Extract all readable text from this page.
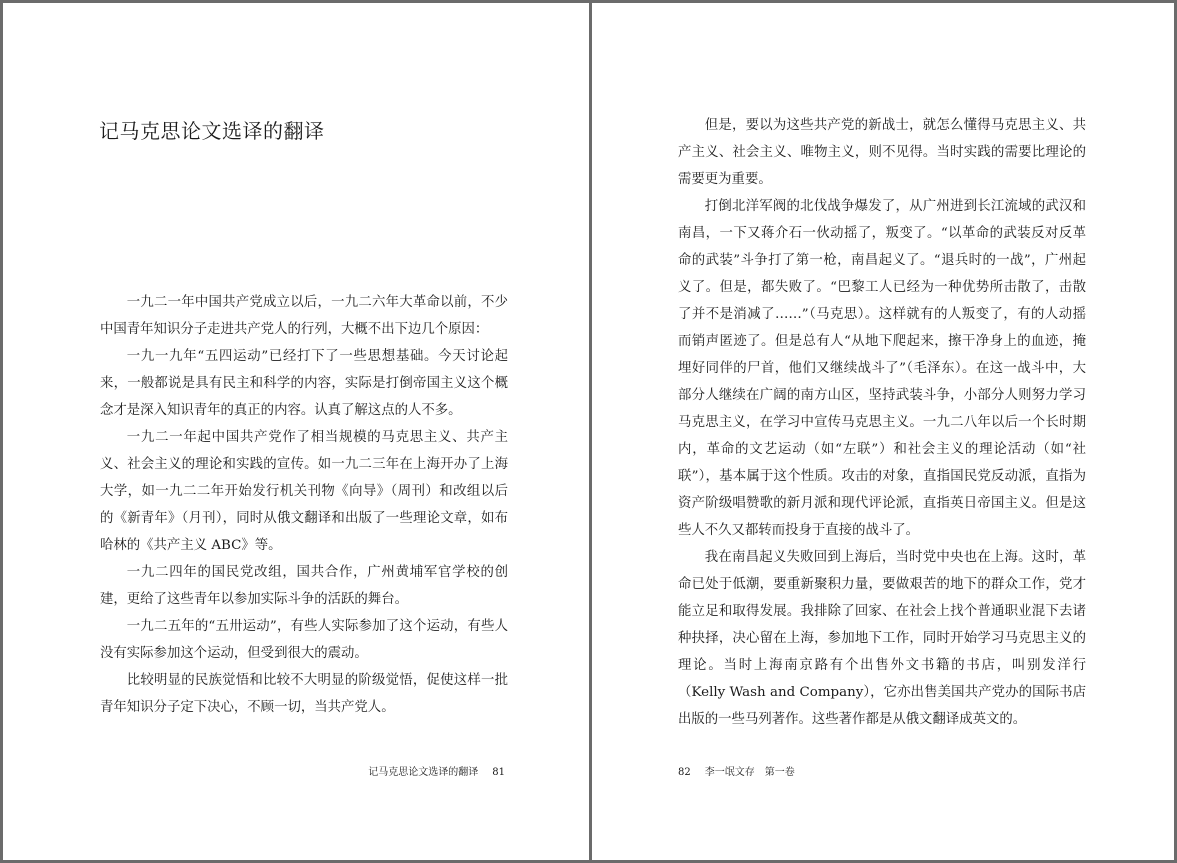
记马克思论文选译的翻译

一九二一年中国共产党成立以后，一九二六年大革命以前，不少中国青年知识分子走进共产党人的行列，大概不出下边几个原因：

一九一九年“五四运动”已经打下了一些思想基础。今天讨论起来，一般都说是具有民主和科学的内容，实际是打倒帝国主义这个概念才是深入知识青年的真正的内容。认真了解这点的人不多。

一九二一年起中国共产党作了相当规模的马克思主义、共产主义、社会主义的理论和实践的宣传。如一九二三年在上海开办了上海大学，如一九二二年开始发行机关刊物《向导》（周刊）和改组以后的《新青年》（月刊），同时从俄文翻译和出版了一些理论文章，如布哈林的《共产主义 ABC》等。

一九二四年的国民党改组，国共合作，广州黄埔军官学校的创建，更给了这些青年以参加实际斗争的活跃的舞台。

一九二五年的“五卅运动”，有些人实际参加了这个运动，有些人没有实际参加这个运动，但受到很大的震动。

比较明显的民族觉悟和比较不大明显的阶级觉悟，促使这样一批青年知识分子定下决心，不顾一切，当共产党人。

记马克思论文选译的翻译 81

但是，要以为这些共产党的新战士，就怎么懂得马克思主义、共产主义、社会主义、唯物主义，则不见得。当时实践的需要比理论的需要更为重要。

打倒北洋军阀的北伐战争爆发了，从广州进到长江流域的武汉和南昌，一下又蒋介石一伙动摇了，叛变了。“以革命的武装反对反革命的武装”斗争打了第一枪，南昌起义了。“退兵时的一战”，广州起义了。但是，都失败了。“巴黎工人已经为一种优势所击散了，击散了并不是消减了……”（马克思）。这样就有的人叛变了，有的人动摇而销声匿迹了。但是总有人“从地下爬起来，擦干净身上的血迹，掩埋好同伴的尸首，他们又继续战斗了”（毛泽东）。在这一战斗中，大部分人继续在广阔的南方山区，坚持武装斗争，小部分人则努力学习马克思主义，在学习中宣传马克思主义。一九二八年以后一个长时期内，革命的文艺运动（如“左联”）和社会主义的理论活动（如“社联”），基本属于这个性质。攻击的对象，直指国民党反动派，直指为资产阶级唱赞歌的新月派和现代评论派，直指英日帝国主义。但是这些人不久又都转而投身于直接的战斗了。

我在南昌起义失败回到上海后，当时党中央也在上海。这时，革命已处于低潮，要重新聚积力量，要做艰苦的地下的群众工作，党才能立足和取得发展。我排除了回家、在社会上找个普通职业混下去诸种抉择，决心留在上海，参加地下工作，同时开始学习马克思主义的理论。当时上海南京路有个出售外文书籍的书店，叫别发洋行（Kelly Wash and Company），它亦出售美国共产党办的国际书店出版的一些马列著作。这些著作都是从俄文翻译成英文的。

82 李一氓文存　第一卷
